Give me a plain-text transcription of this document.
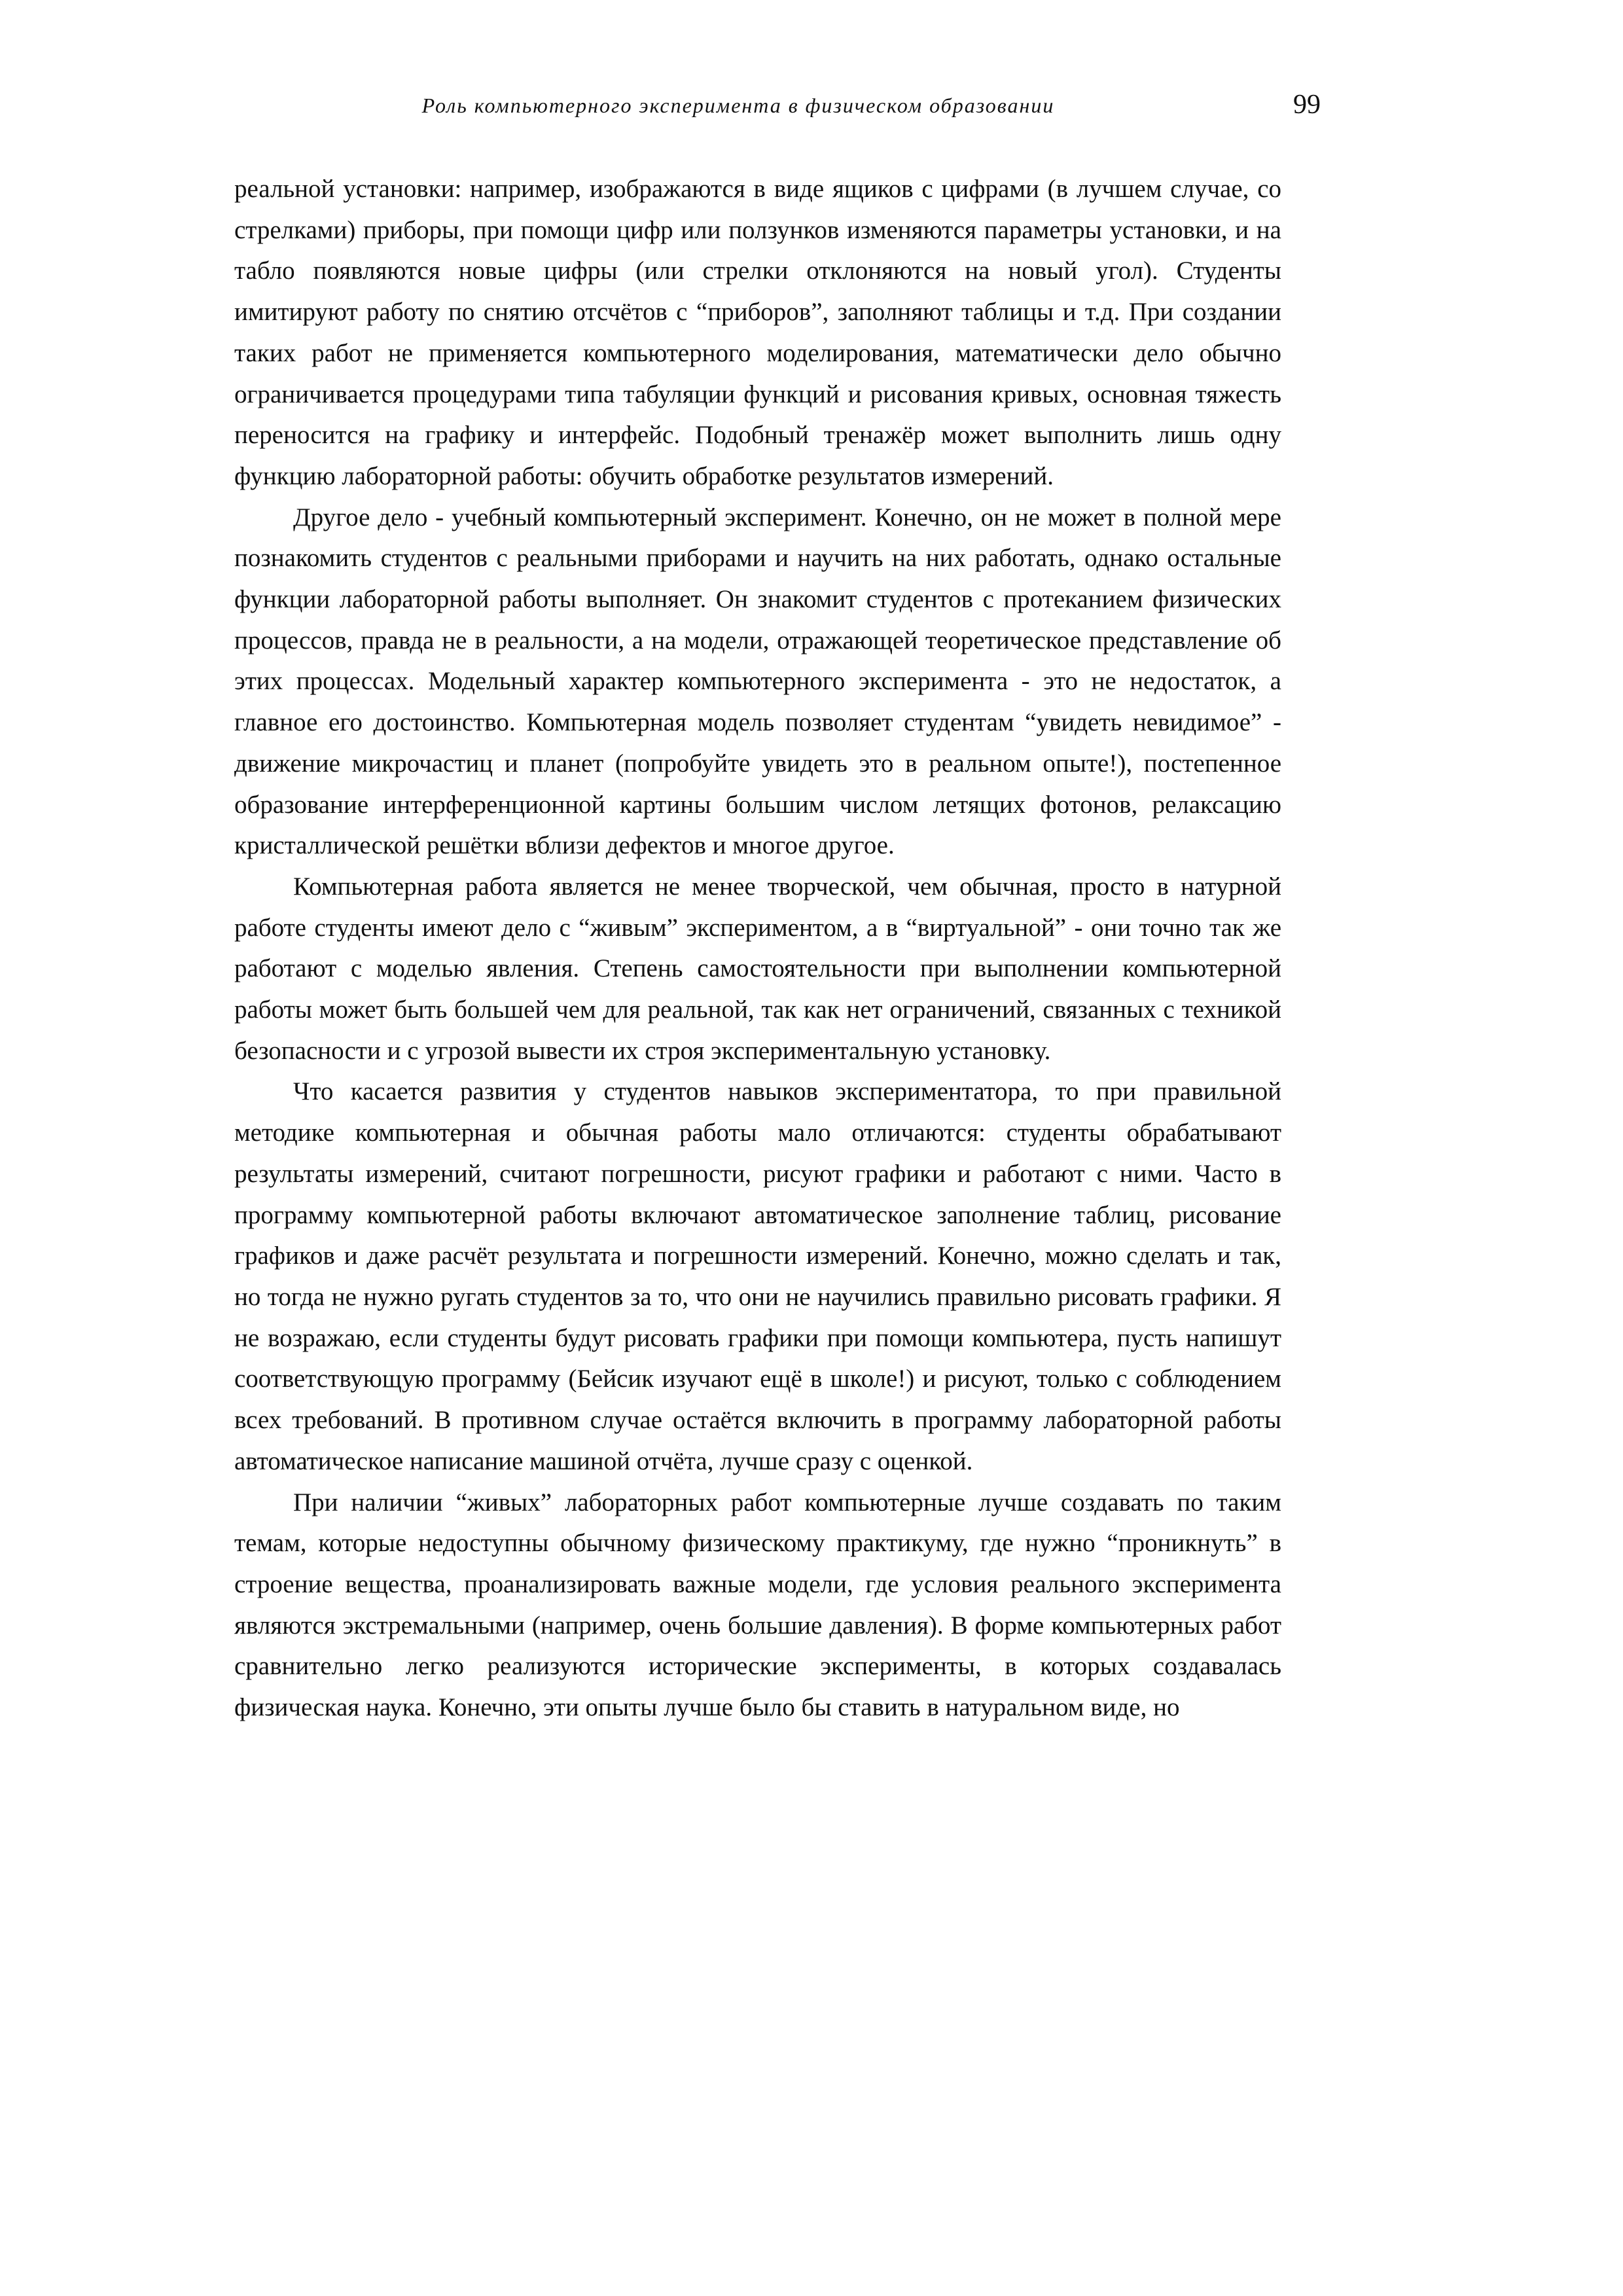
Роль компьютерного эксперимента в физическом образовании	99

реальной установки: например, изображаются в виде ящиков с цифрами (в лучшем случае, со стрелками) приборы, при помощи цифр или ползунков изменяются параметры установки, и на табло появляются новые цифры (или стрелки отклоняются на новый угол). Студенты имитируют работу по снятию отсчётов с “приборов”, заполняют таблицы и т.д. При создании таких работ не применяется компьютерного моделирования, математически дело обычно ограничивается процедурами типа табуляции функций и рисования кривых, основная тяжесть переносится на графику и интерфейс. Подобный тренажёр может выполнить лишь одну функцию лабораторной работы: обучить обработке результатов измерений.

Другое дело - учебный компьютерный эксперимент. Конечно, он не может в полной мере познакомить студентов с реальными приборами и научить на них работать, однако остальные функции лабораторной работы выполняет. Он знакомит студентов с протеканием физических процессов, правда не в реальности, а на модели, отражающей теоретическое представление об этих процессах. Модельный характер компьютерного эксперимента - это не недостаток, а главное его достоинство. Компьютерная модель позволяет студентам “увидеть невидимое” - движение микрочастиц и планет (попробуйте увидеть это в реальном опыте!), постепенное образование интерференционной картины большим числом летящих фотонов, релаксацию кристаллической решётки вблизи дефектов и многое другое.

Компьютерная работа является не менее творческой, чем обычная, просто в натурной работе студенты имеют дело с “живым” экспериментом, а в “виртуальной” - они точно так же работают с моделью явления. Степень самостоятельности при выполнении компьютерной работы может быть большей чем для реальной, так как нет ограничений, связанных с техникой безопасности и с угрозой вывести их строя экспериментальную установку.

Что касается развития у студентов навыков экспериментатора, то при правильной методике компьютерная и обычная работы мало отличаются: студенты обрабатывают результаты измерений, считают погрешности, рисуют графики и работают с ними. Часто в программу компьютерной работы включают автоматическое заполнение таблиц, рисование графиков и даже расчёт результата и погрешности измерений. Конечно, можно сделать и так, но тогда не нужно ругать студентов за то, что они не научились правильно рисовать графики. Я не возражаю, если студенты будут рисовать графики при помощи компьютера, пусть напишут соответствующую программу (Бейсик изучают ещё в школе!) и рисуют, только с соблюдением всех требований. В противном случае остаётся включить в программу лабораторной работы автоматическое написание машиной отчёта, лучше сразу с оценкой.

При наличии “живых” лабораторных работ компьютерные лучше создавать по таким темам, которые недоступны обычному физическому практикуму, где нужно “проникнуть” в строение вещества, проанализировать важные модели, где условия реального эксперимента являются экстремальными (например, очень большие давления). В форме компьютерных работ сравнительно легко реализуются исторические эксперименты, в которых создавалась физическая наука. Конечно, эти опыты лучше было бы ставить в натуральном виде, но
